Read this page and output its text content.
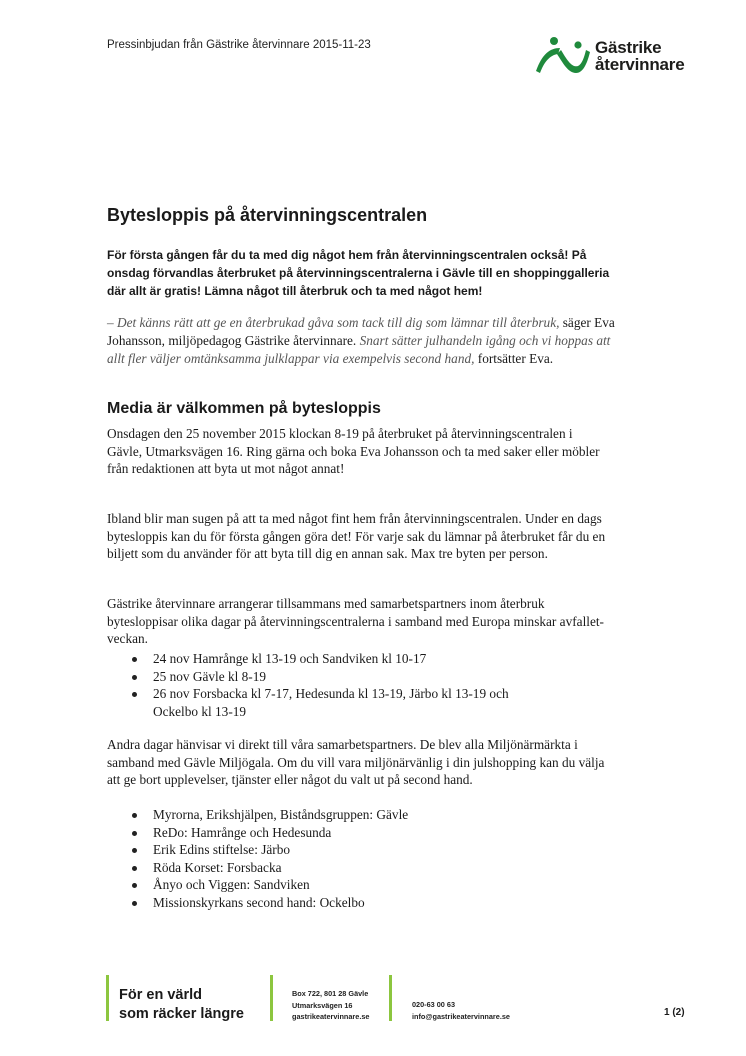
Pressinbjudan från Gästrike återvinnare 2015-11-23	Gästrike
återvinnare
Bytesloppis på återvinningscentralen

För första gången får du ta med dig något hem från återvinningscentralen också! På onsdag förvandlas återbruket på återvinningscentralerna i Gävle till en shoppinggalleria där allt är gratis! Lämna något till återbruk och ta med något hem!

– Det känns rätt att ge en återbrukad gåva som tack till dig som lämnar till återbruk, säger Eva Johansson, miljöpedagog Gästrike återvinnare. Snart sätter julhandeln igång och vi hoppas att allt fler väljer omtänksamma julklappar via exempelvis second hand, fortsätter Eva.

Media är välkommen på bytesloppis

Onsdagen den 25 november 2015 klockan 8-19 på återbruket på återvinningscentralen i Gävle, Utmarksvägen 16. Ring gärna och boka Eva Johansson och ta med saker eller möbler från redaktionen att byta ut mot något annat!

Ibland blir man sugen på att ta med något fint hem från återvinningscentralen. Under en dags bytesloppis kan du för första gången göra det! För varje sak du lämnar på återbruket får du en biljett som du använder för att byta till dig en annan sak. Max tre byten per person.

Gästrike återvinnare arrangerar tillsammans med samarbetspartners inom återbruk bytesloppisar olika dagar på återvinningscentralerna i samband med Europa minskar avfallet-veckan.

24 nov Hamrånge kl 13-19 och Sandviken kl 10-17
25 nov Gävle kl 8-19
26 nov Forsbacka kl 7-17, Hedesunda kl 13-19, Järbo kl 13-19 och Ockelbo kl 13-19

Andra dagar hänvisar vi direkt till våra samarbetspartners. De blev alla Miljönärmärkta i samband med Gävle Miljögala. Om du vill vara miljönärvänlig i din julshopping kan du välja att ge bort upplevelser, tjänster eller något du valt ut på second hand.

Myrorna, Erikshjälpen, Biståndsgruppen: Gävle
ReDo: Hamrånge och Hedesunda
Erik Edins stiftelse: Järbo
Röda Korset: Forsbacka
Ånyo och Viggen: Sandviken
Missionskyrkans second hand: Ockelbo
För en värld
som räcker längre
Box 722, 801 28 Gävle
Utmarksvägen 16
gastrikeatervinnare.se
020-63 00 63
info@gastrikeatervinnare.se	1 (2)
